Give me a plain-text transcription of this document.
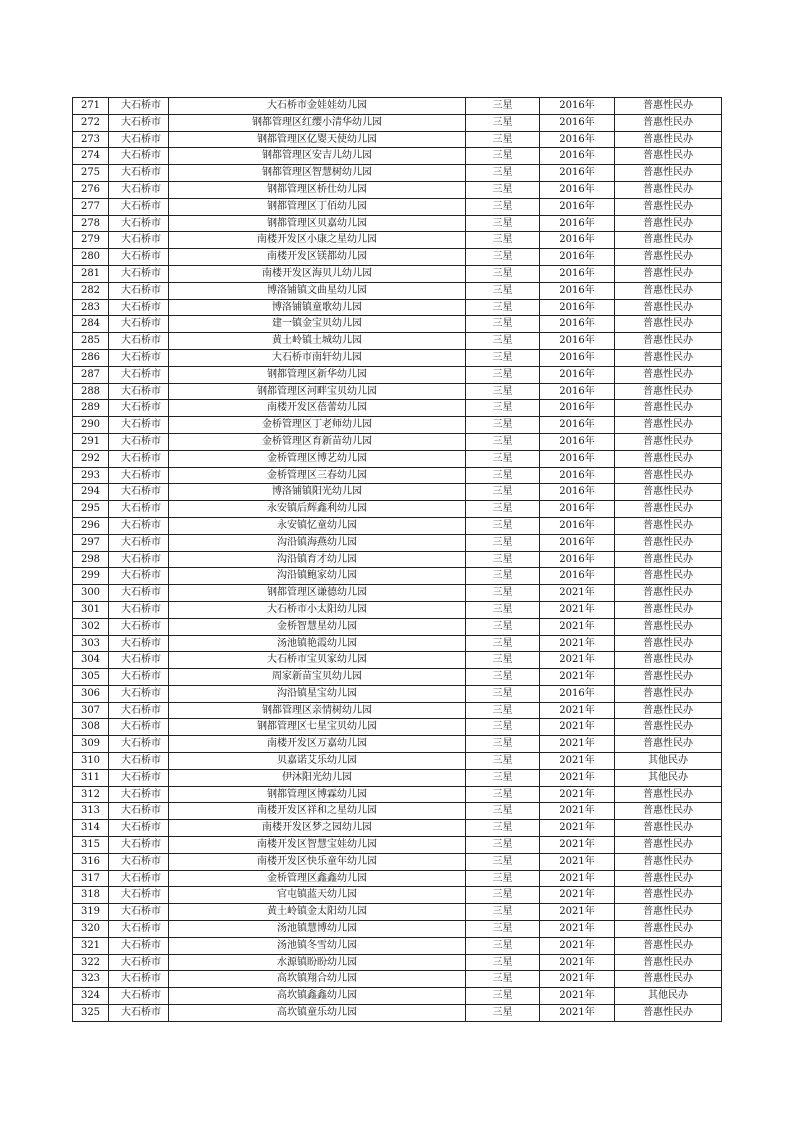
271	大石桥市	大石桥市金娃娃幼儿园	三星	2016年	普惠性民办
272	大石桥市	钢都管理区红缨小清华幼儿园	三星	2016年	普惠性民办
273	大石桥市	钢都管理区亿婴天使幼儿园	三星	2016年	普惠性民办
274	大石桥市	钢都管理区安吉儿幼儿园	三星	2016年	普惠性民办
275	大石桥市	钢都管理区智慧树幼儿园	三星	2016年	普惠性民办
276	大石桥市	钢都管理区桥仕幼儿园	三星	2016年	普惠性民办
277	大石桥市	钢都管理区丁佰幼儿园	三星	2016年	普惠性民办
278	大石桥市	钢都管理区贝嘉幼儿园	三星	2016年	普惠性民办
279	大石桥市	南楼开发区小康之星幼儿园	三星	2016年	普惠性民办
280	大石桥市	南楼开发区镁都幼儿园	三星	2016年	普惠性民办
281	大石桥市	南楼开发区海贝儿幼儿园	三星	2016年	普惠性民办
282	大石桥市	博洛铺镇文曲星幼儿园	三星	2016年	普惠性民办
283	大石桥市	博洛铺镇童歌幼儿园	三星	2016年	普惠性民办
284	大石桥市	建一镇金宝贝幼儿园	三星	2016年	普惠性民办
285	大石桥市	黄土岭镇土城幼儿园	三星	2016年	普惠性民办
286	大石桥市	大石桥市南轩幼儿园	三星	2016年	普惠性民办
287	大石桥市	钢都管理区新华幼儿园	三星	2016年	普惠性民办
288	大石桥市	钢都管理区河畔宝贝幼儿园	三星	2016年	普惠性民办
289	大石桥市	南楼开发区蓓蕾幼儿园	三星	2016年	普惠性民办
290	大石桥市	金桥管理区丁老师幼儿园	三星	2016年	普惠性民办
291	大石桥市	金桥管理区育新苗幼儿园	三星	2016年	普惠性民办
292	大石桥市	金桥管理区博艺幼儿园	三星	2016年	普惠性民办
293	大石桥市	金桥管理区三春幼儿园	三星	2016年	普惠性民办
294	大石桥市	博洛铺镇阳光幼儿园	三星	2016年	普惠性民办
295	大石桥市	永安镇后辉鑫利幼儿园	三星	2016年	普惠性民办
296	大石桥市	永安镇忆童幼儿园	三星	2016年	普惠性民办
297	大石桥市	沟沿镇海燕幼儿园	三星	2016年	普惠性民办
298	大石桥市	沟沿镇育才幼儿园	三星	2016年	普惠性民办
299	大石桥市	沟沿镇鲍家幼儿园	三星	2016年	普惠性民办
300	大石桥市	钢都管理区谦德幼儿园	三星	2021年	普惠性民办
301	大石桥市	大石桥市小太阳幼儿园	三星	2021年	普惠性民办
302	大石桥市	金桥智慧星幼儿园	三星	2021年	普惠性民办
303	大石桥市	汤池镇艳霞幼儿园	三星	2021年	普惠性民办
304	大石桥市	大石桥市宝贝家幼儿园	三星	2021年	普惠性民办
305	大石桥市	周家新苗宝贝幼儿园	三星	2021年	普惠性民办
306	大石桥市	沟沿镇星宝幼儿园	三星	2016年	普惠性民办
307	大石桥市	钢都管理区亲情树幼儿园	三星	2021年	普惠性民办
308	大石桥市	钢都管理区七星宝贝幼儿园	三星	2021年	普惠性民办
309	大石桥市	南楼开发区万嘉幼儿园	三星	2021年	普惠性民办
310	大石桥市	贝嘉诺艾乐幼儿园	三星	2021年	其他民办
311	大石桥市	伊沐阳光幼儿园	三星	2021年	其他民办
312	大石桥市	钢都管理区博霖幼儿园	三星	2021年	普惠性民办
313	大石桥市	南楼开发区祥和之星幼儿园	三星	2021年	普惠性民办
314	大石桥市	南楼开发区梦之园幼儿园	三星	2021年	普惠性民办
315	大石桥市	南楼开发区智慧宝娃幼儿园	三星	2021年	普惠性民办
316	大石桥市	南楼开发区快乐童年幼儿园	三星	2021年	普惠性民办
317	大石桥市	金桥管理区鑫鑫幼儿园	三星	2021年	普惠性民办
318	大石桥市	官屯镇蓝天幼儿园	三星	2021年	普惠性民办
319	大石桥市	黄土岭镇金太阳幼儿园	三星	2021年	普惠性民办
320	大石桥市	汤池镇慧博幼儿园	三星	2021年	普惠性民办
321	大石桥市	汤池镇冬雪幼儿园	三星	2021年	普惠性民办
322	大石桥市	水源镇盼盼幼儿园	三星	2021年	普惠性民办
323	大石桥市	高坎镇翔合幼儿园	三星	2021年	普惠性民办
324	大石桥市	高坎镇鑫鑫幼儿园	三星	2021年	其他民办
325	大石桥市	高坎镇童乐幼儿园	三星	2021年	普惠性民办
